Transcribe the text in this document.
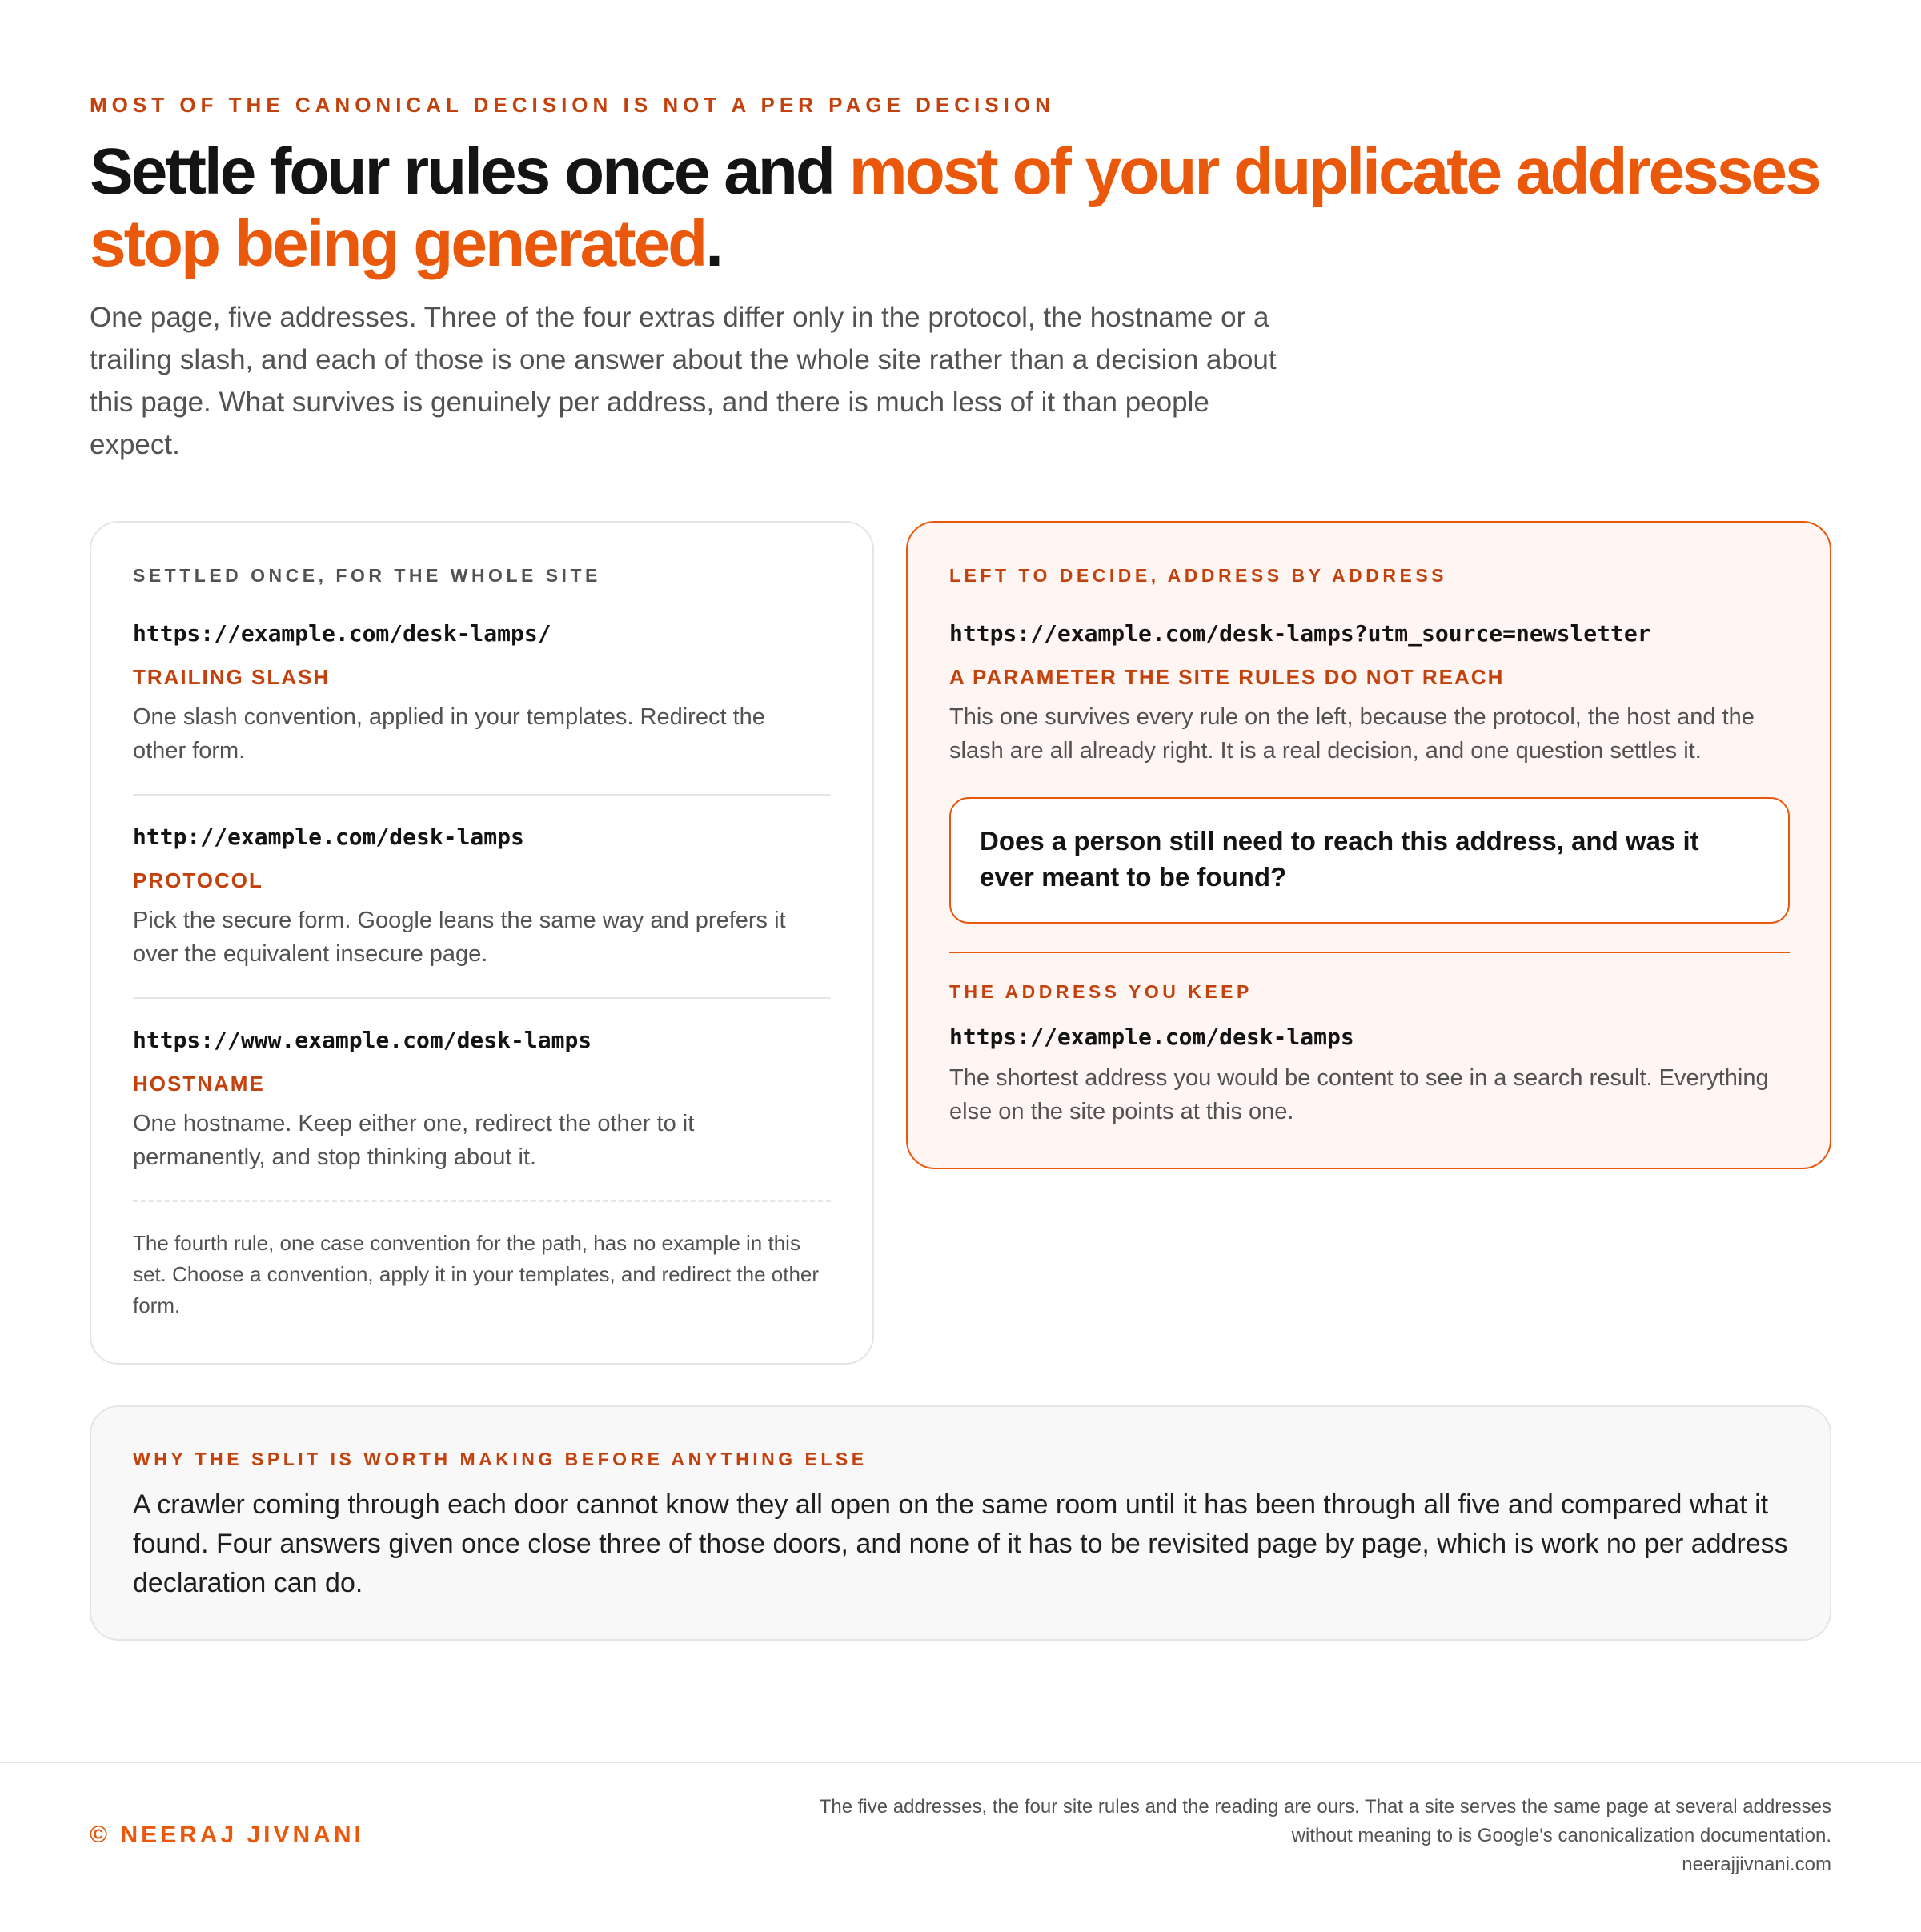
MOST OF THE CANONICAL DECISION IS NOT A PER PAGE DECISION
Settle four rules once and most of your duplicate addresses stop being generated.

One page, five addresses. Three of the four extras differ only in the protocol, the hostname or a trailing slash, and each of those is one answer about the whole site rather than a decision about this page. What survives is genuinely per address, and there is much less of it than people expect.

SETTLED ONCE, FOR THE WHOLE SITE
https://example.com/desk-lamps/
TRAILING SLASH
One slash convention, applied in your templates. Redirect the other form.
http://example.com/desk-lamps
PROTOCOL
Pick the secure form. Google leans the same way and prefers it over the equivalent insecure page.
https://www.example.com/desk-lamps
HOSTNAME
One hostname. Keep either one, redirect the other to it permanently, and stop thinking about it.
The fourth rule, one case convention for the path, has no example in this set. Choose a convention, apply it in your templates, and redirect the other form.
LEFT TO DECIDE, ADDRESS BY ADDRESS
https://example.com/desk-lamps?utm_source=newsletter
A PARAMETER THE SITE RULES DO NOT REACH
This one survives every rule on the left, because the protocol, the host and the slash are all already right. It is a real decision, and one question settles it.
Does a person still need to reach this address, and was it ever meant to be found?
THE ADDRESS YOU KEEP
https://example.com/desk-lamps
The shortest address you would be content to see in a search result. Everything else on the site points at this one.
WHY THE SPLIT IS WORTH MAKING BEFORE ANYTHING ELSE

A crawler coming through each door cannot know they all open on the same room until it has been through all five and compared what it found. Four answers given once close three of those doors, and none of it has to be revisited page by page, which is work no per address declaration can do.

© NEERAJ JIVNANI
The five addresses, the four site rules and the reading are ours. That a site serves the same page at several addresses
without meaning to is Google's canonicalization documentation.
neerajjivnani.com
